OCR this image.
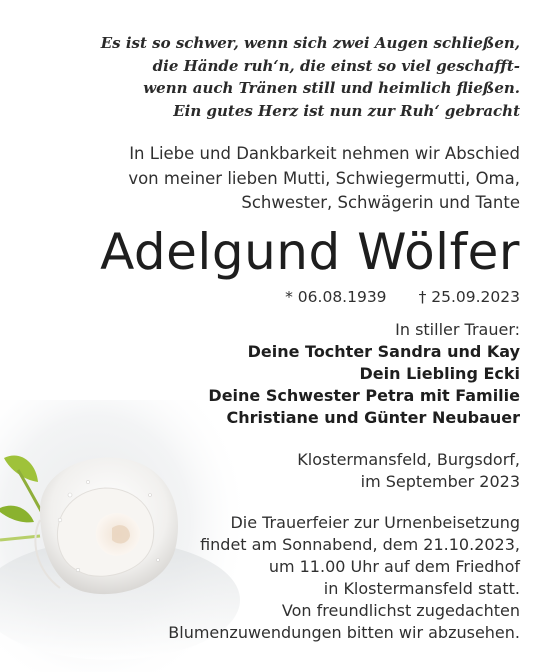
Es ist so schwer, wenn sich zwei Augen schließen,
die Hände ruh‘n, die einst so viel geschafft-
wenn auch Tränen still und heimlich fließen.
Ein gutes Herz ist nun zur Ruh‘ gebracht
In Liebe und Dankbarkeit nehmen wir Abschied
von meiner lieben Mutti, Schwiegermutti, Oma,
Schwester, Schwägerin und Tante
Adelgund Wölfer
* 06.08.1939 † 25.09.2023
In stiller Trauer:
Deine Tochter Sandra und Kay
Dein Liebling Ecki
Deine Schwester Petra mit Familie
Christiane und Günter Neubauer
Klostermansfeld, Burgsdorf,
im September 2023
Die Trauerfeier zur Urnenbeisetzung
findet am Sonnabend, dem 21.10.2023,
um 11.00 Uhr auf dem Friedhof
in Klostermansfeld statt.
Von freundlichst zugedachten
Blumenzuwendungen bitten wir abzusehen.
